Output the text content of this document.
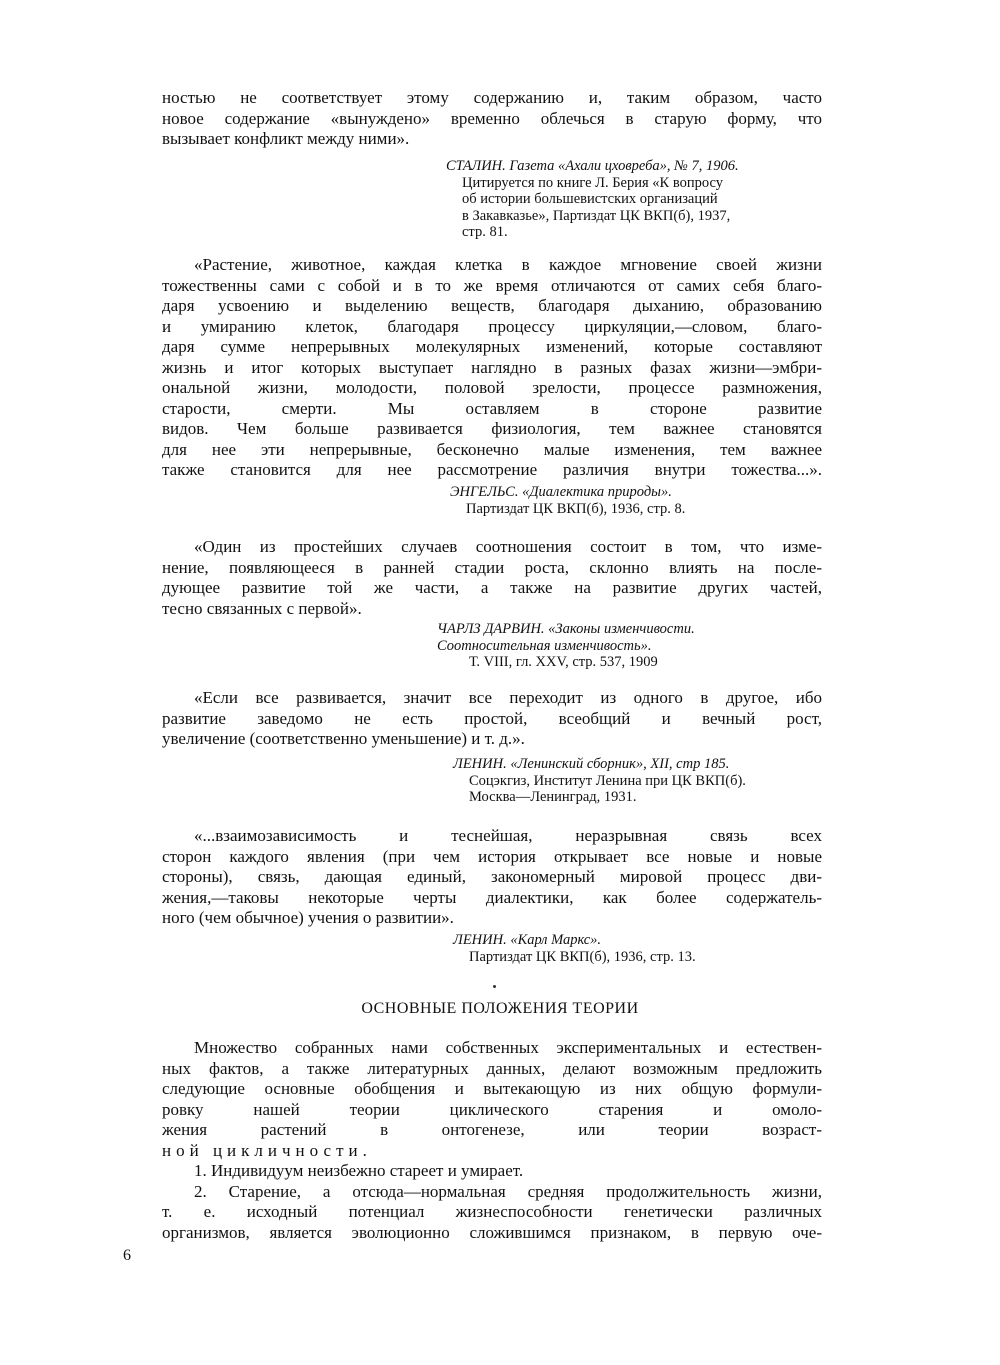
ностью не соответствует этому содержанию и, таким образом, часто
новое содержание «вынуждено» временно облечься в старую форму, что
вызывает конфликт между ними».
СТАЛИН. Газета «Ахали цховреба», № 7, 1906.
Цитируется по книге Л. Берия «К вопросу
об истории большевистских организаций
в Закавказье», Партиздат ЦК ВКП(б), 1937,
стр. 81.
«Растение, животное, каждая клетка в каждое мгновение своей жизни
тожественны сами с собой и в то же время отличаются от самих себя благо-
даря усвоению и выделению веществ, благодаря дыханию, образованию
и умиранию клеток, благодаря процессу циркуляции,—словом, благо-
даря сумме непрерывных молекулярных изменений, которые составляют
жизнь и итог которых выступает наглядно в разных фазах жизни—эмбри-
ональной жизни, молодости, половой зрелости, процессе размножения,
старости, смерти. Мы оставляем в стороне развитие
видов. Чем больше развивается физиология, тем важнее становятся
для нее эти непрерывные, бесконечно малые изменения, тем важнее
также становится для нее рассмотрение различия внутри тожества...».
ЭНГЕЛЬС. «Диалектика природы».
Партиздат ЦК ВКП(б), 1936, стр. 8.
«Один из простейших случаев соотношения состоит в том, что изме-
нение, появляющееся в ранней стадии роста, склонно влиять на после-
дующее развитие той же части, а также на развитие других частей,
тесно связанных с первой».
ЧАРЛЗ ДАРВИН. «Законы изменчивости.
Соотносительная изменчивость».
Т. VIII, гл. XXV, стр. 537, 1909
«Если все развивается, значит все переходит из одного в другое, ибо
развитие заведомо не есть простой, всеобщий и вечный рост,
увеличение (соответственно уменьшение) и т. д.».
ЛЕНИН. «Ленинский сборник», XII, стр 185.
Соцэкгиз, Институт Ленина при ЦК ВКП(б).
Москва—Ленинград, 1931.
«...взаимозависимость и теснейшая, неразрывная связь всех
сторон каждого явления (при чем история открывает все новые и новые
стороны), связь, дающая единый, закономерный мировой процесс дви-
жения,—таковы некоторые черты диалектики, как более содержатель-
ного (чем обычное) учения о развитии».
ЛЕНИН. «Карл Маркс».
Партиздат ЦК ВКП(б), 1936, стр. 13.
ОСНОВНЫЕ ПОЛОЖЕНИЯ ТЕОРИИ
Множество собранных нами собственных экспериментальных и естествен-
ных фактов, а также литературных данных, делают возможным предложить
следующие основные обобщения и вытекающую из них общую формули-
ровку нашей теории циклического старения и омоло-
жения растений в онтогенезе, или теории возраст-
ной цикличности.
1. Индивидуум неизбежно стареет и умирает.
2. Старение, а отсюда—нормальная средняя продолжительность жизни,
т. е. исходный потенциал жизнеспособности генетически различных
организмов, является эволюционно сложившимся признаком, в первую оче-
6
